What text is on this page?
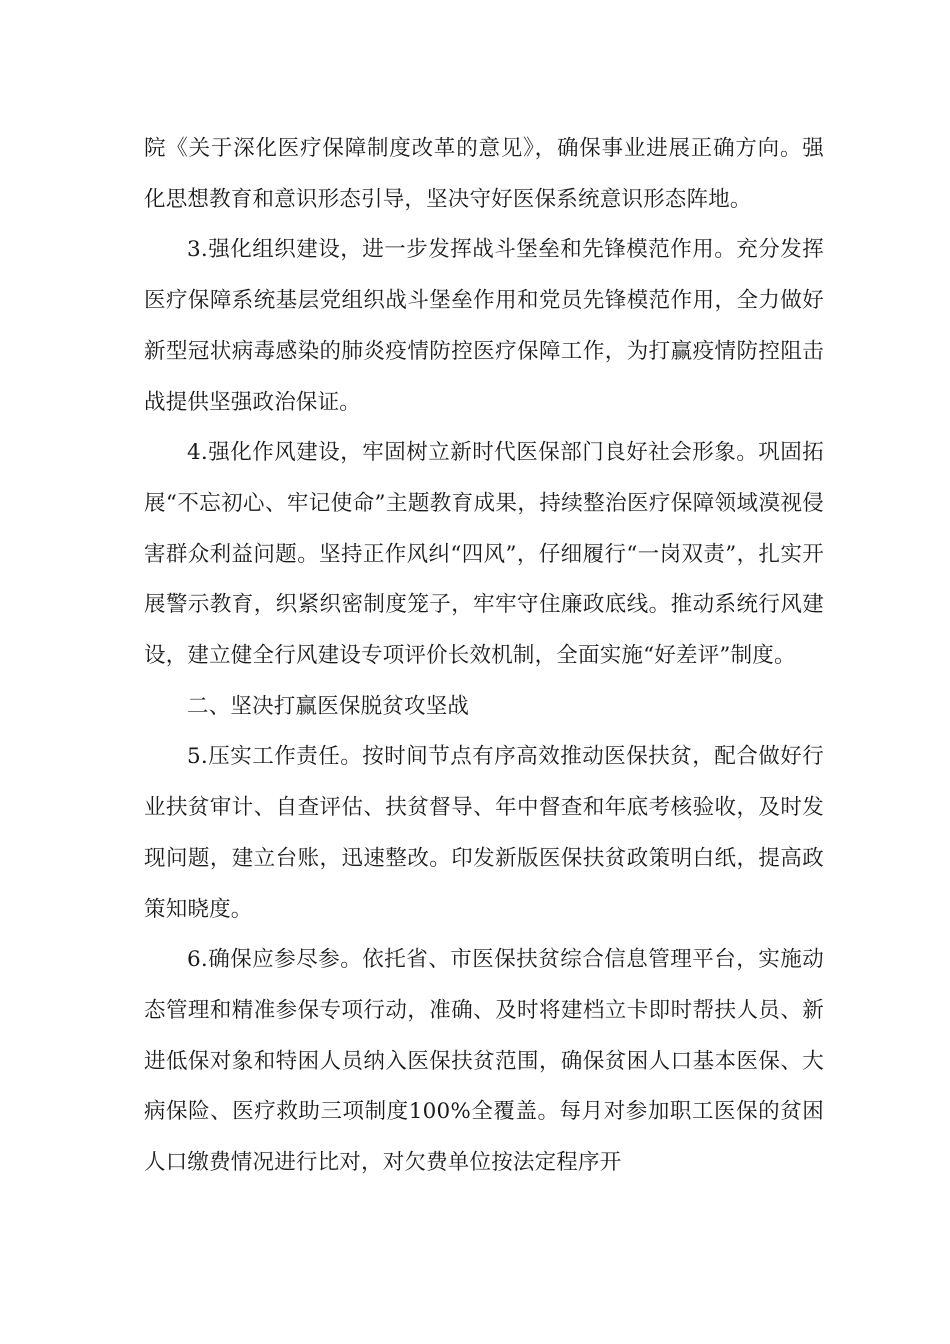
院《关于深化医疗保障制度改革的意见》，确保事业进展正确方向。强化思想教育和意识形态引导，坚决守好医保系统意识形态阵地。

3.强化组织建设，进一步发挥战斗堡垒和先锋模范作用。充分发挥医疗保障系统基层党组织战斗堡垒作用和党员先锋模范作用，全力做好新型冠状病毒感染的肺炎疫情防控医疗保障工作，为打赢疫情防控阻击战提供坚强政治保证。

4.强化作风建设，牢固树立新时代医保部门良好社会形象。巩固拓展“不忘初心、牢记使命”主题教育成果，持续整治医疗保障领域漠视侵害群众利益问题。坚持正作风纠“四风”，仔细履行“一岗双责”，扎实开展警示教育，织紧织密制度笼子，牢牢守住廉政底线。推动系统行风建设，建立健全行风建设专项评价长效机制，全面实施“好差评”制度。

二、坚决打赢医保脱贫攻坚战

5.压实工作责任。按时间节点有序高效推动医保扶贫，配合做好行业扶贫审计、自查评估、扶贫督导、年中督查和年底考核验收，及时发现问题，建立台账，迅速整改。印发新版医保扶贫政策明白纸，提高政策知晓度。

6.确保应参尽参。依托省、市医保扶贫综合信息管理平台，实施动态管理和精准参保专项行动，准确、及时将建档立卡即时帮扶人员、新进低保对象和特困人员纳入医保扶贫范围，确保贫困人口基本医保、大病保险、医疗救助三项制度100%全覆盖。每月对参加职工医保的贫困人口缴费情况进行比对，对欠费单位按法定程序开
